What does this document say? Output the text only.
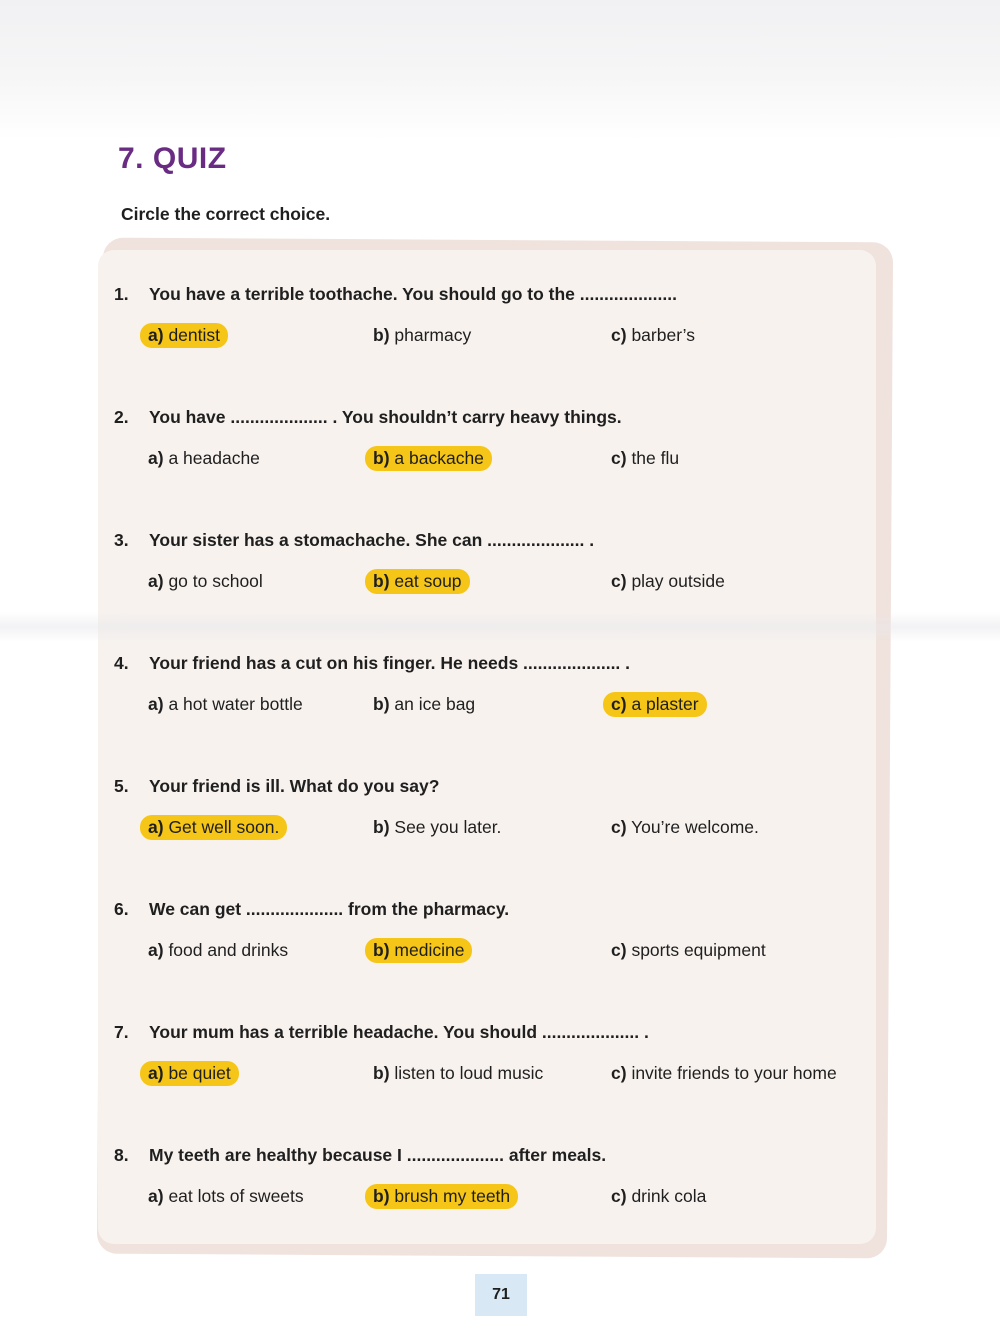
7. QUIZ

Circle the correct choice.

1. You have a terrible toothache. You should go to the ....................

a) dentist	b) pharmacy	c) barber’s

2. You have .................... . You shouldn’t carry heavy things.

a) a headache	b) a backache	c) the flu

3. Your sister has a stomachache. She can .................... .

a) go to school	b) eat soup	c) play outside

4. Your friend has a cut on his finger. He needs .................... .

a) a hot water bottle	b) an ice bag	c) a plaster

5. Your friend is ill. What do you say?

a) Get well soon.	b) See you later.	c) You’re welcome.

6. We can get .................... from the pharmacy.

a) food and drinks	b) medicine	c) sports equipment

7. Your mum has a terrible headache. You should .................... .

a) be quiet	b) listen to loud music	c) invite friends to your home

8. My teeth are healthy because I .................... after meals.

a) eat lots of sweets	b) brush my teeth	c) drink cola
71
